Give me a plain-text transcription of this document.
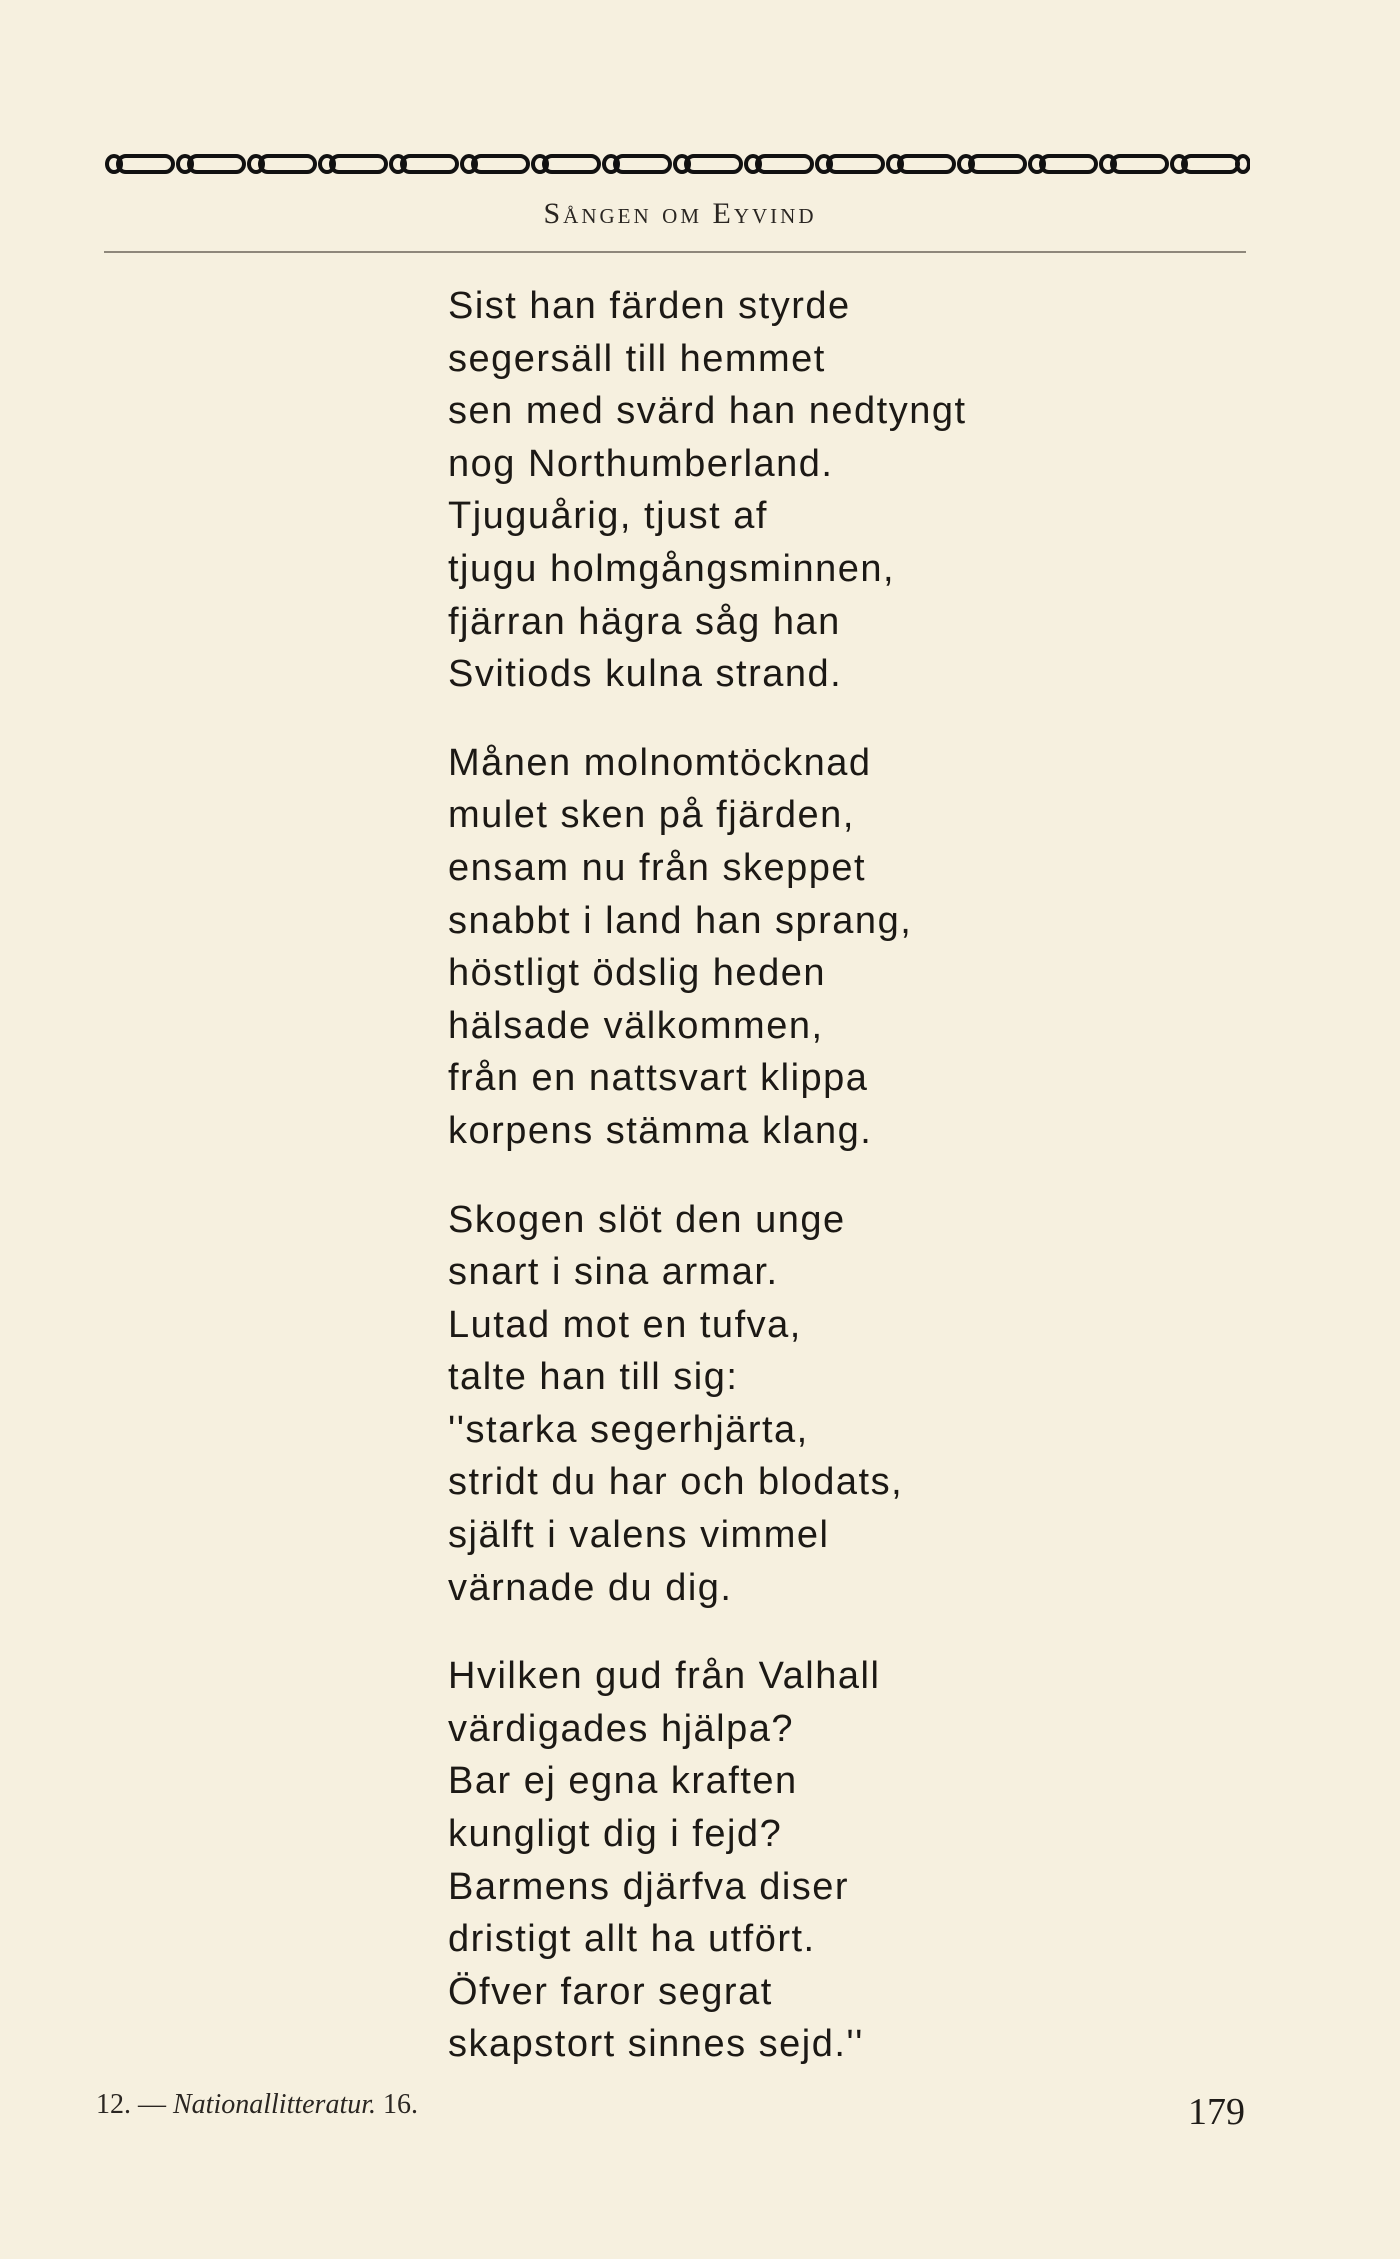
Sången om Eyvind
Sist han färden styrde
segersäll till hemmet
sen med svärd han nedtyngt
nog Northumberland.
Tjuguårig, tjust af
tjugu holmgångsminnen,
fjärran hägra såg han
Svitiods kulna strand.
Månen molnomtöcknad
mulet sken på fjärden,
ensam nu från skeppet
snabbt i land han sprang,
höstligt ödslig heden
hälsade välkommen,
från en nattsvart klippa
korpens stämma klang.
Skogen slöt den unge
snart i sina armar.
Lutad mot en tufva,
talte han till sig:
''starka segerhjärta,
stridt du har och blodats,
själft i valens vimmel
värnade du dig.
Hvilken gud från Valhall
värdigades hjälpa?
Bar ej egna kraften
kungligt dig i fejd?
Barmens djärfva diser
dristigt allt ha utfört.
Öfver faror segrat
skapstort sinnes sejd.''
12. — Nationallitteratur. 16.	179
